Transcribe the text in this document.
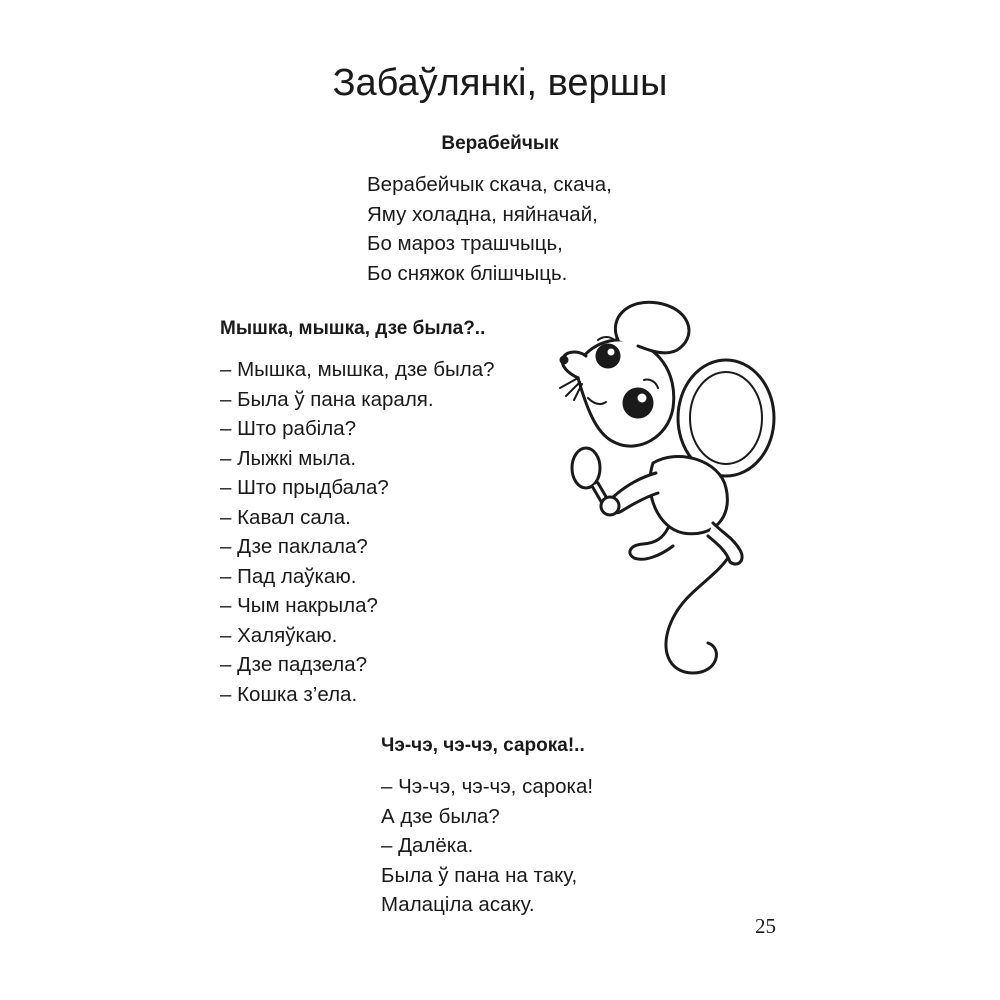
Забаўлянкі, вершы
Верабейчык
Верабейчык скача, скача,
Яму холадна, няйначай,
Бо мароз трашчыць,
Бо сняжок блішчыць.
Мышка, мышка, дзе была?..
– Мышка, мышка, дзе была?
– Была ў пана караля.
– Што рабіла?
– Лыжкі мыла.
– Што прыдбала?
– Кавал сала.
– Дзе паклала?
– Пад лаўкаю.
– Чым накрыла?
– Халяўкаю.
– Дзе падзела?
– Кошка з’ела.
Чэ-чэ, чэ-чэ, сарока!..
– Чэ-чэ, чэ-чэ, сарока!
А дзе была?
– Далёка.
Была ў пана на таку,
Малацiла асаку.

25
